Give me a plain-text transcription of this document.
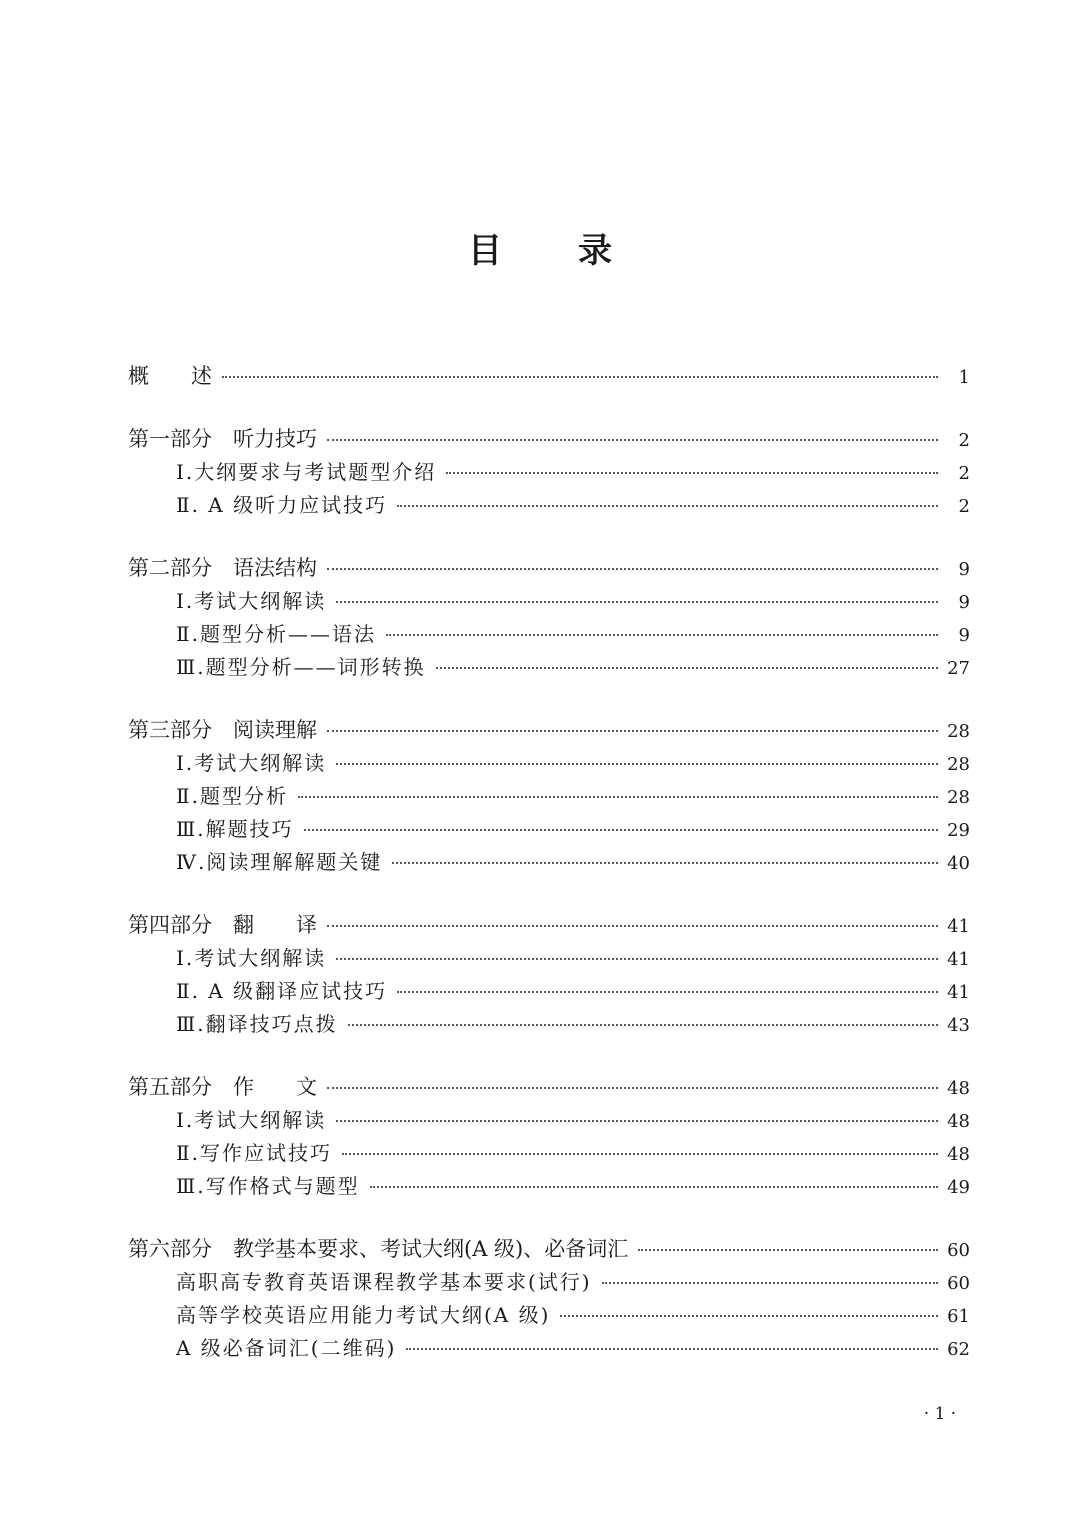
目录
概　　述	1
第一部分　听力技巧	2
Ⅰ.大纲要求与考试题型介绍	2
Ⅱ. A 级听力应试技巧	2
第二部分　语法结构	9
Ⅰ.考试大纲解读	9
Ⅱ.题型分析——语法	9
Ⅲ.题型分析——词形转换	27
第三部分　阅读理解	28
Ⅰ.考试大纲解读	28
Ⅱ.题型分析	28
Ⅲ.解题技巧	29
Ⅳ.阅读理解解题关键	40
第四部分　翻　　译	41
Ⅰ.考试大纲解读	41
Ⅱ. A 级翻译应试技巧	41
Ⅲ.翻译技巧点拨	43
第五部分　作　　文	48
Ⅰ.考试大纲解读	48
Ⅱ.写作应试技巧	48
Ⅲ.写作格式与题型	49
第六部分　教学基本要求、考试大纲(A 级)、必备词汇	60
高职高专教育英语课程教学基本要求(试行)	60
高等学校英语应用能力考试大纲(A 级)	61
A 级必备词汇(二维码)	62
· 1 ·
